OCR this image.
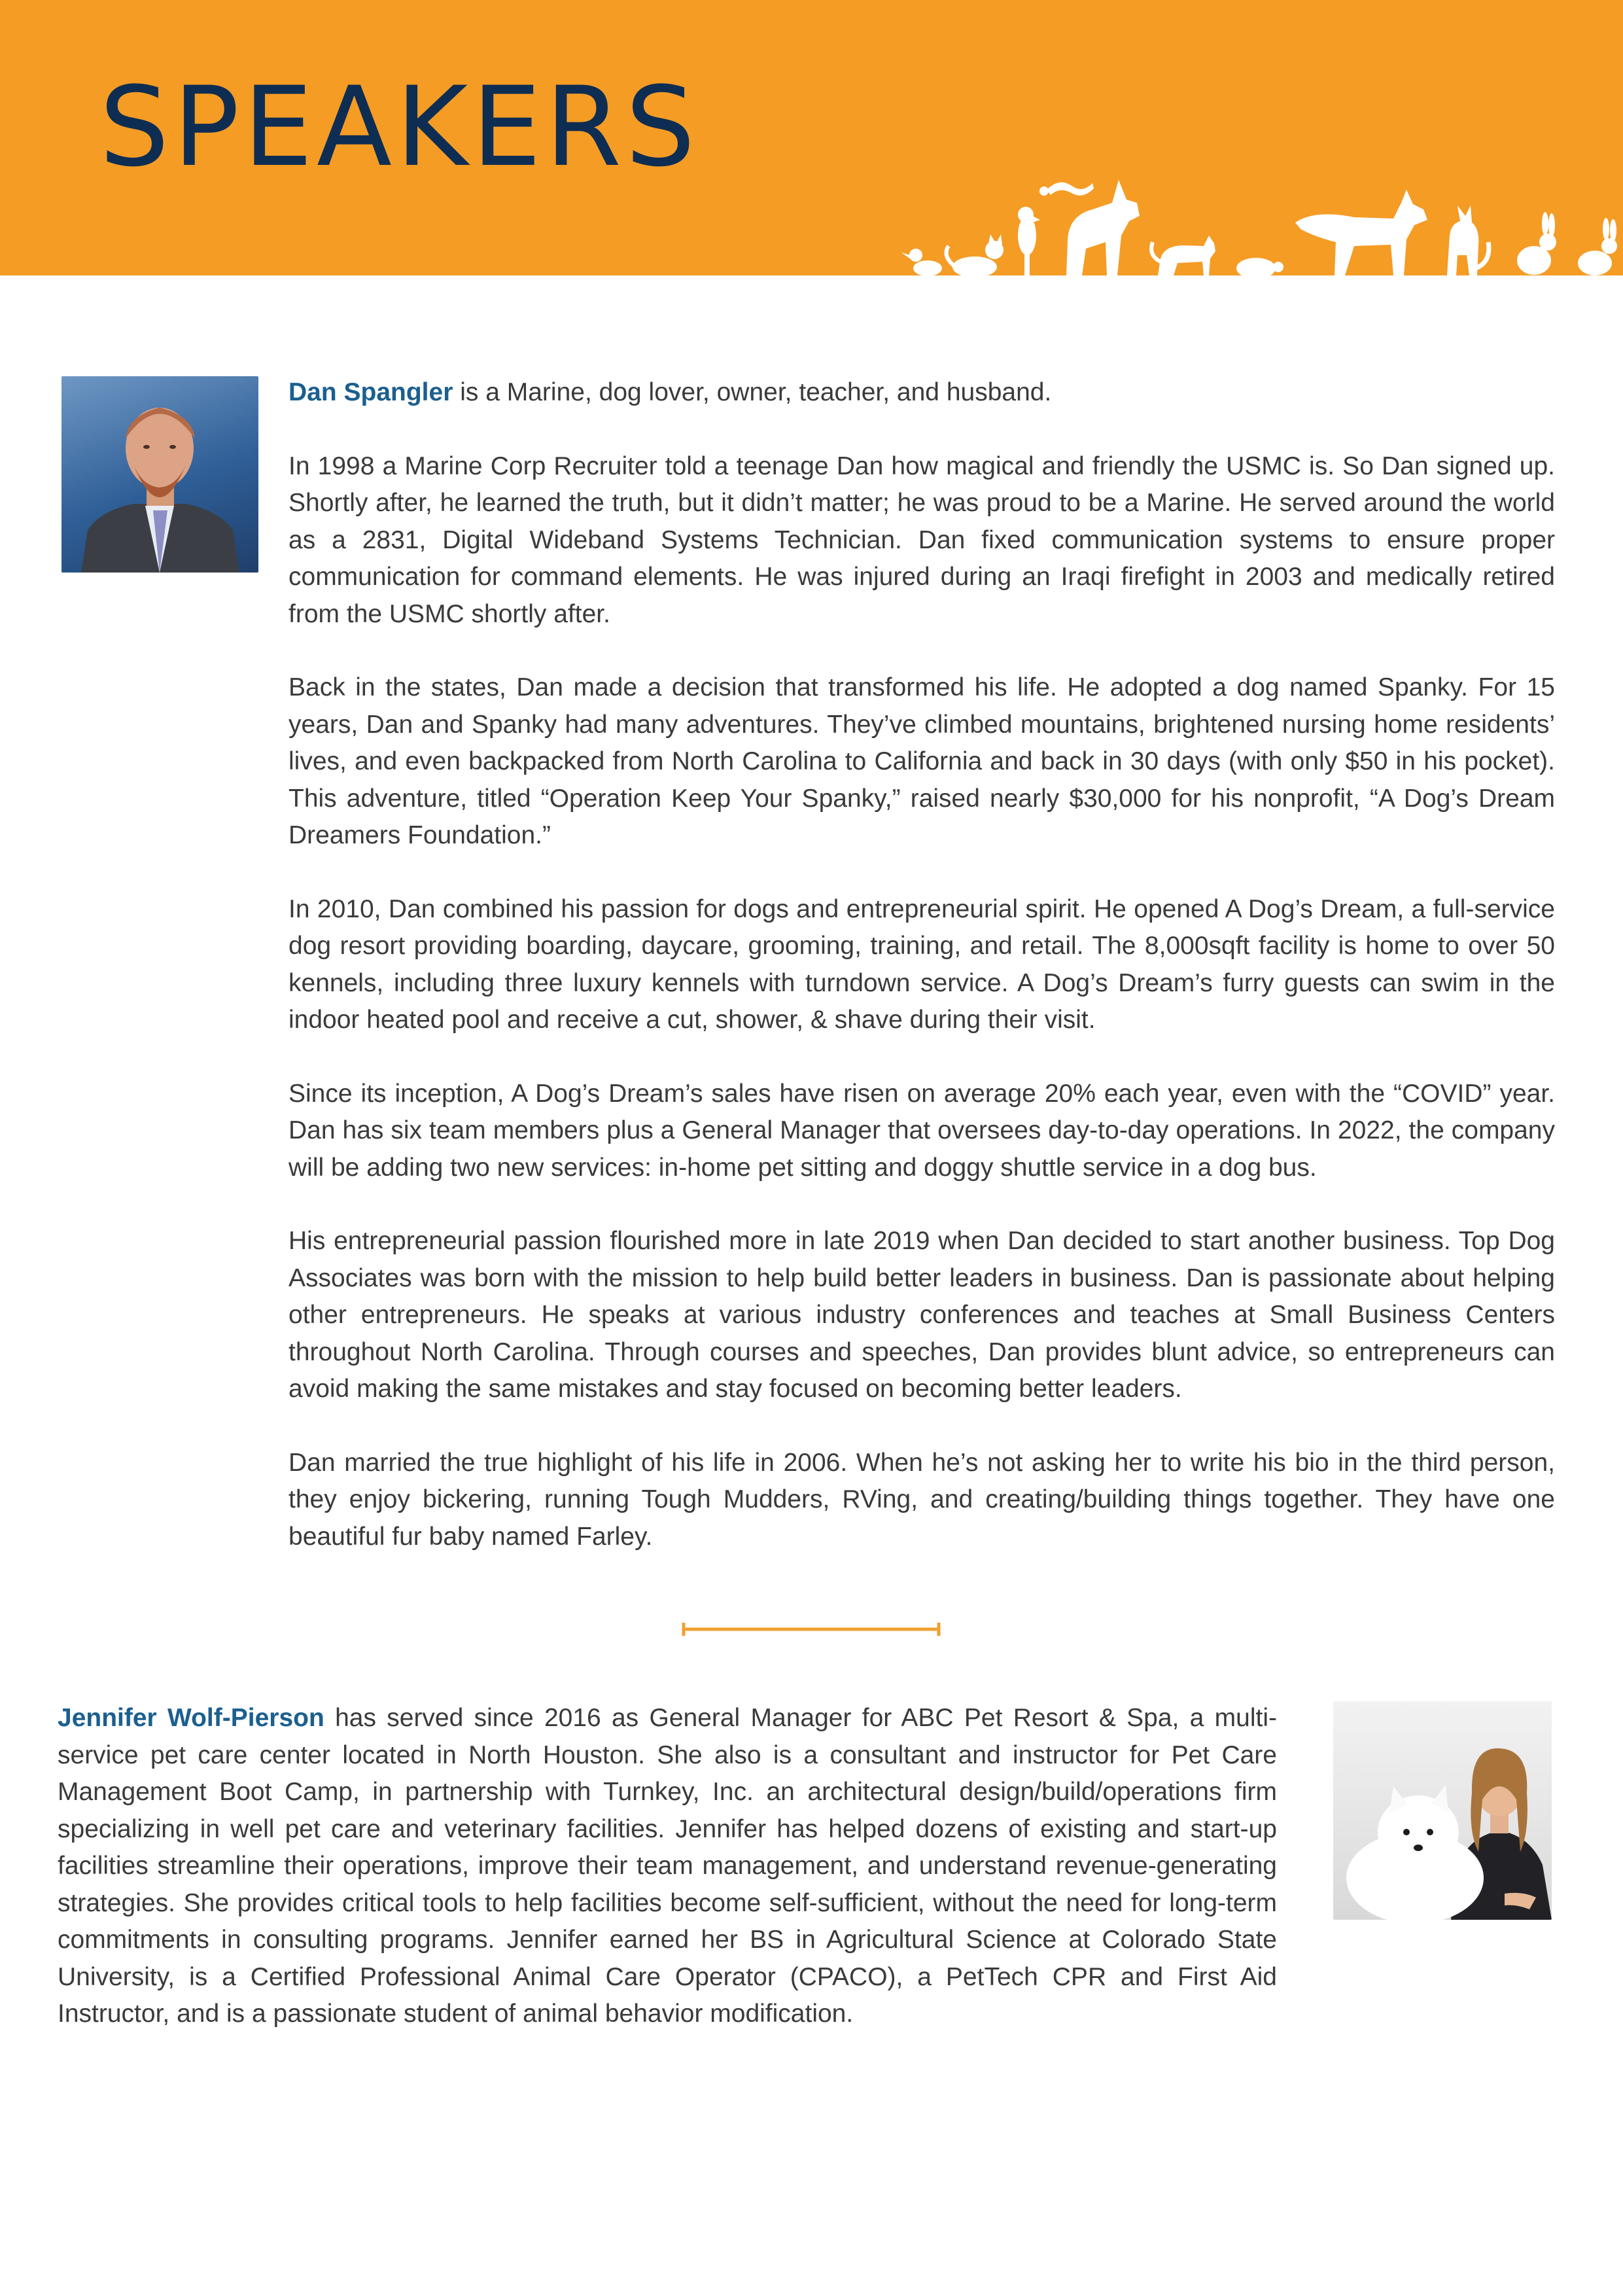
SPEAKERS

Dan Spangler is a Marine, dog lover, owner, teacher, and husband.

In 1998 a Marine Corp Recruiter told a teenage Dan how magical and friendly the USMC is. So Dan signed up. Shortly after, he learned the truth, but it didn’t matter; he was proud to be a Marine. He served around the world as a 2831, Digital Wideband Systems Technician. Dan fixed communication systems to ensure proper communication for command elements. He was injured during an Iraqi firefight in 2003 and medically retired from the USMC shortly after.

Back in the states, Dan made a decision that transformed his life. He adopted a dog named Spanky. For 15 years, Dan and Spanky had many adventures. They’ve climbed mountains, brightened nursing home residents’ lives, and even backpacked from North Carolina to California and back in 30 days (with only $50 in his pocket). This adventure, titled “Operation Keep Your Spanky,” raised nearly $30,000 for his nonprofit, “A Dog’s Dream Dreamers Foundation.”

In 2010, Dan combined his passion for dogs and entrepreneurial spirit. He opened A Dog’s Dream, a full-service dog resort providing boarding, daycare, grooming, training, and retail. The 8,000sqft facility is home to over 50 kennels, including three luxury kennels with turndown service. A Dog’s Dream’s furry guests can swim in the indoor heated pool and receive a cut, shower, & shave during their visit.

Since its inception, A Dog’s Dream’s sales have risen on average 20% each year, even with the “COVID” year. Dan has six team members plus a General Manager that oversees day-to-day operations. In 2022, the company will be adding two new services: in-home pet sitting and doggy shuttle service in a dog bus.

His entrepreneurial passion flourished more in late 2019 when Dan decided to start another business. Top Dog Associates was born with the mission to help build better leaders in business. Dan is passionate about helping other entrepreneurs. He speaks at various industry conferences and teaches at Small Business Centers throughout North Carolina. Through courses and speeches, Dan provides blunt advice, so entrepreneurs can avoid making the same mistakes and stay focused on becoming better leaders.

Dan married the true highlight of his life in 2006. When he’s not asking her to write his bio in the third person, they enjoy bickering, running Tough Mudders, RVing, and creating/building things together. They have one beautiful fur baby named Farley.

Jennifer Wolf-Pierson has served since 2016 as General Manager for ABC Pet Resort & Spa, a multi-service pet care center located in North Houston. She also is a consultant and instructor for Pet Care Management Boot Camp, in partnership with Turnkey, Inc. an architectural design/build/operations firm specializing in well pet care and veterinary facilities. Jennifer has helped dozens of existing and start-up facilities streamline their operations, improve their team management, and understand revenue-generating strategies. She provides critical tools to help facilities become self-sufficient, without the need for long-term commitments in consulting programs. Jennifer earned her BS in Agricultural Science at Colorado State University, is a Certified Professional Animal Care Operator (CPACO), a PetTech CPR and First Aid Instructor, and is a passionate student of animal behavior modification.
